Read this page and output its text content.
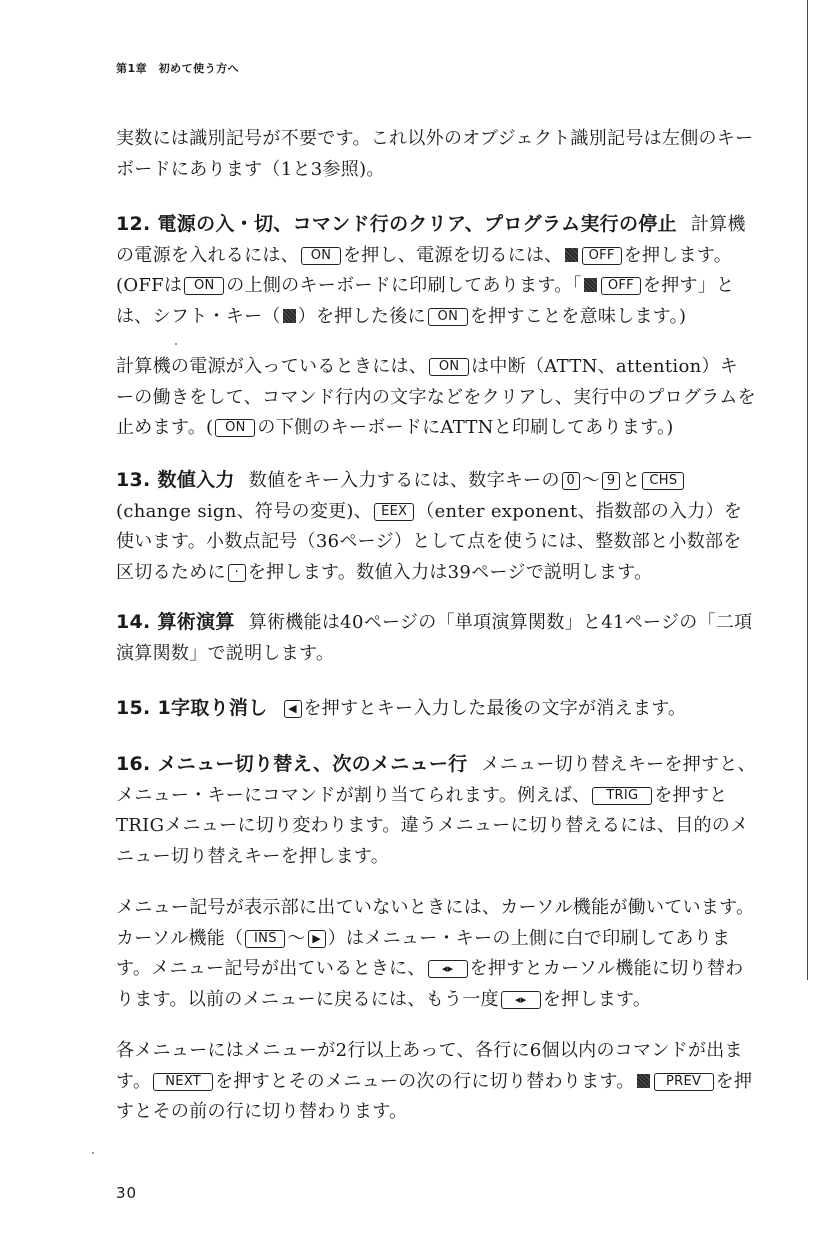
第1章　初めて使う方へ

実数には識別記号が不要です。これ以外のオブジェクト識別記号は左側のキーボードにあります（1と3参照)。

12. 電源の入・切、コマンド行のクリア、プログラム実行の停止 計算機の電源を入れるには、 ON を押し、電源を切るには、 OFF を押します。(OFFは ON の上側のキーボードに印刷してあります。「 OFF を押す」とは、シフト・キー（ ）を押した後に ON を押すことを意味します。)

計算機の電源が入っているときには、 ON は中断（ATTN、attention）キーの働きをして、コマンド行内の文字などをクリアし、実行中のプログラムを止めます。( ON の下側のキーボードにATTNと印刷してあります。)

13. 数値入力 数値をキー入力するには、数字キーの 0 ～ 9 と CHS(change sign、符号の変更)、 EEX （enter exponent、指数部の入力）を使います。小数点記号（36ページ）として点を使うには、整数部と小数部を区切るために · を押します。数値入力は39ページで説明します。

14. 算術演算 算術機能は40ページの「単項演算関数」と41ページの「二項演算関数」で説明します。

15. 1字取り消し ◀ を押すとキー入力した最後の文字が消えます。

16. メニュー切り替え、次のメニュー行 メニュー切り替えキーを押すと、メニュー・キーにコマンドが割り当てられます。例えば、 TRIG を押すとTRIGメニューに切り変わります。違うメニューに切り替えるには、目的のメニュー切り替えキーを押します。

メニュー記号が表示部に出ていないときには、カーソル機能が働いています。カーソル機能（ INS ～ ▶ ）はメニュー・キーの上側に白で印刷してあります。メニュー記号が出ているときに、 ◂▸ を押すとカーソル機能に切り替わります。以前のメニューに戻るには、もう一度 ◂▸ を押します。

各メニューにはメニューが2行以上あって、各行に6個以内のコマンドが出ます。 NEXT を押すとそのメニューの次の行に切り替わります。 PREV を押すとその前の行に切り替わります。

30
